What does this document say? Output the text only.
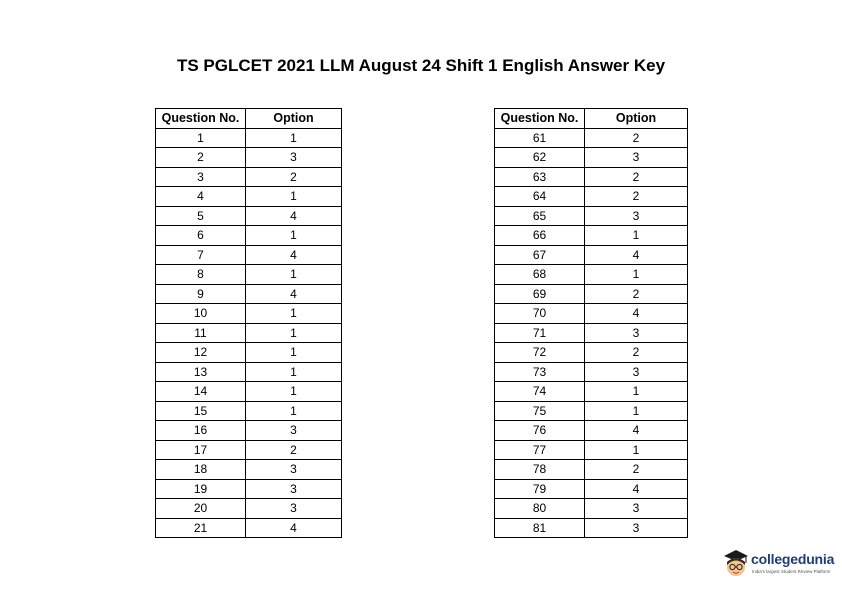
TS PGLCET 2021 LLM August 24 Shift 1 English Answer Key
Question No.	Option
1	1
2	3
3	2
4	1
5	4
6	1
7	4
8	1
9	4
10	1
11	1
12	1
13	1
14	1
15	1
16	3
17	2
18	3
19	3
20	3
21	4
Question No.	Option
61	2
62	3
63	2
64	2
65	3
66	1
67	4
68	1
69	2
70	4
71	3
72	2
73	3
74	1
75	1
76	4
77	1
78	2
79	4
80	3
81	3
collegedunia
India's largest Student Review Platform
